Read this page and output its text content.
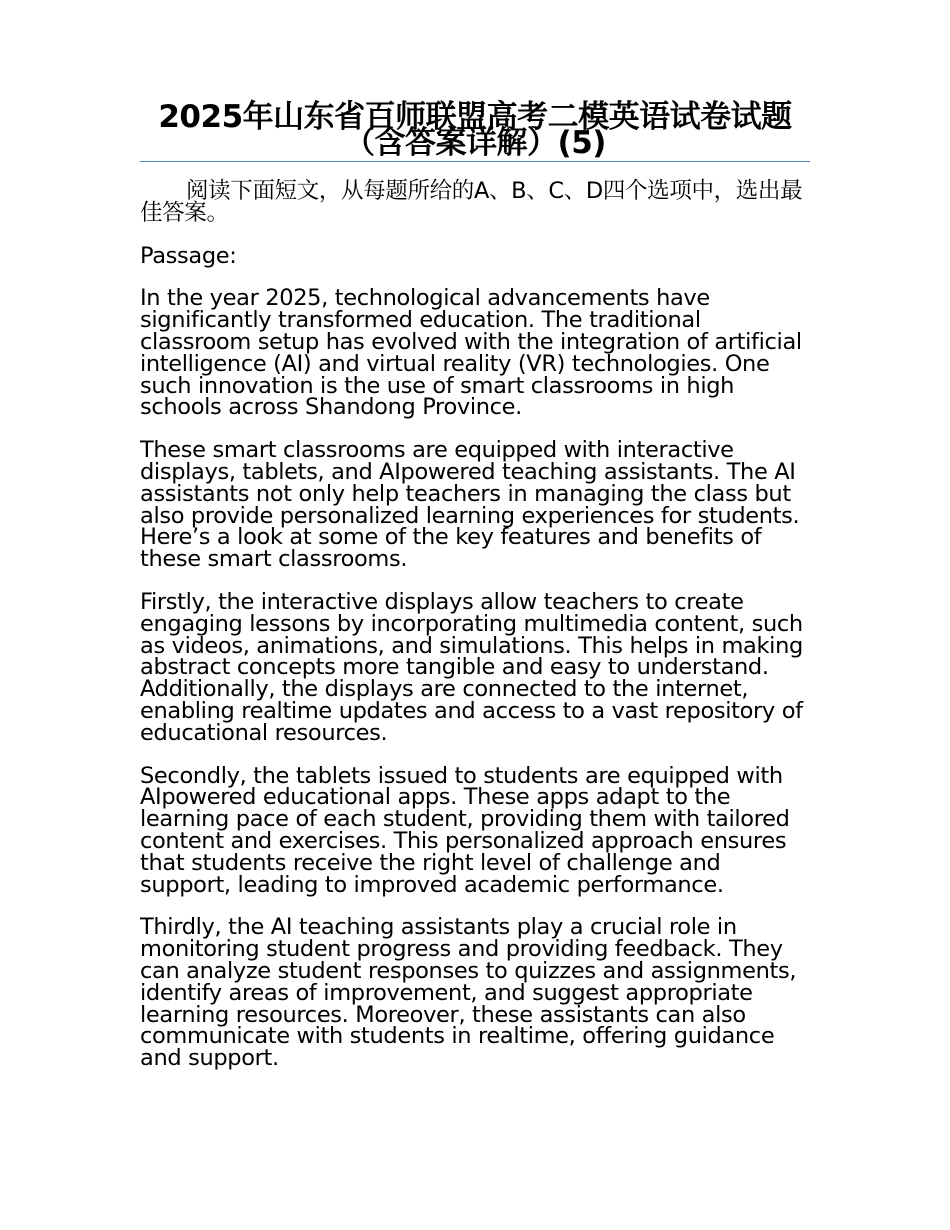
2025年山东省百师联盟高考二模英语试卷试题（含答案详解）(5)

阅读下面短文，从每题所给的A、B、C、D四个选项中，选出最佳答案。

Passage:

In the year 2025, technological advancements have significantly transformed education. The traditional classroom setup has evolved with the integration of artificial intelligence (AI) and virtual reality (VR) technologies. One such innovation is the use of smart classrooms in high schools across Shandong Province.

These smart classrooms are equipped with interactive displays, tablets, and AIpowered teaching assistants. The AI assistants not only help teachers in managing the class but also provide personalized learning experiences for students. Here’s a look at some of the key features and benefits of these smart classrooms.

Firstly, the interactive displays allow teachers to create engaging lessons by incorporating multimedia content, such as videos, animations, and simulations. This helps in making abstract concepts more tangible and easy to understand. Additionally, the displays are connected to the internet, enabling realtime updates and access to a vast repository of educational resources.

Secondly, the tablets issued to students are equipped with AIpowered educational apps. These apps adapt to the learning pace of each student, providing them with tailored content and exercises. This personalized approach ensures that students receive the right level of challenge and support, leading to improved academic performance.

Thirdly, the AI teaching assistants play a crucial role in monitoring student progress and providing feedback. They can analyze student responses to quizzes and assignments, identify areas of improvement, and suggest appropriate learning resources. Moreover, these assistants can also communicate with students in realtime, offering guidance and support.
